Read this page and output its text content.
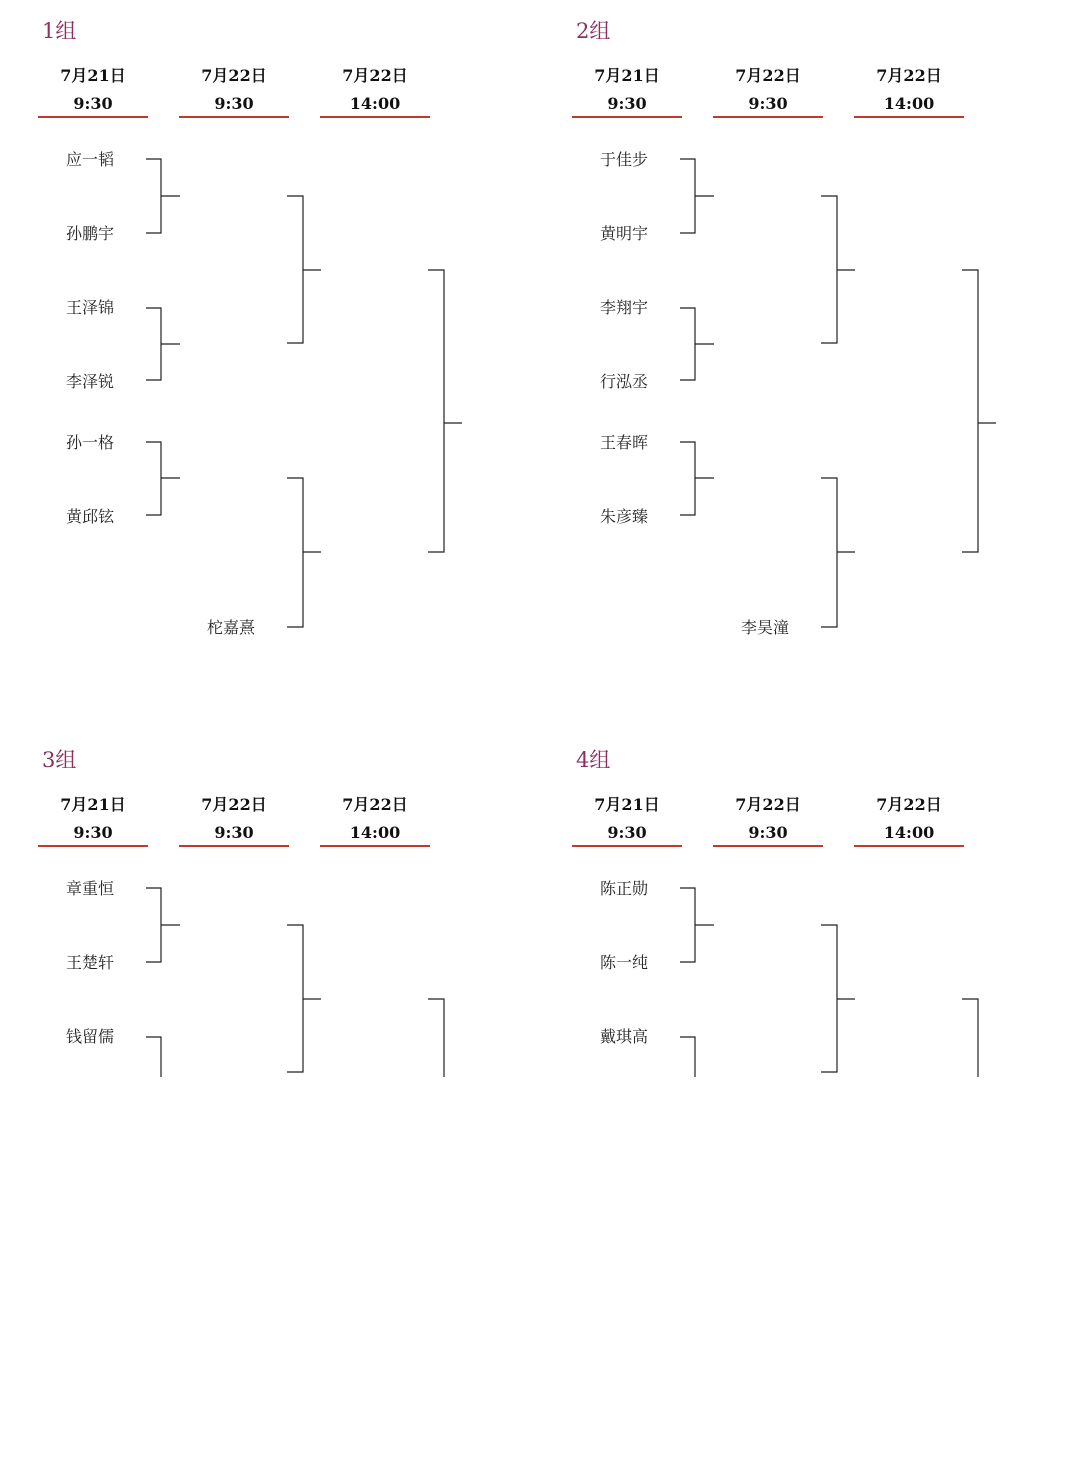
1组
7月21日
9:30
7月22日
9:30
7月22日
14:00
应一韬
孙鹏宇
王泽锦
李泽锐
孙一格
黄邱铉
柁嘉熹
2组
7月21日
9:30
7月22日
9:30
7月22日
14:00
于佳步
黄明宇
李翔宇
行泓丞
王春晖
朱彦臻
李昊潼
3组
7月21日
9:30
7月22日
9:30
7月22日
14:00
章重恒
王楚轩
钱留儒
4组
7月21日
9:30
7月22日
9:30
7月22日
14:00
陈正勋
陈一纯
戴琪高
